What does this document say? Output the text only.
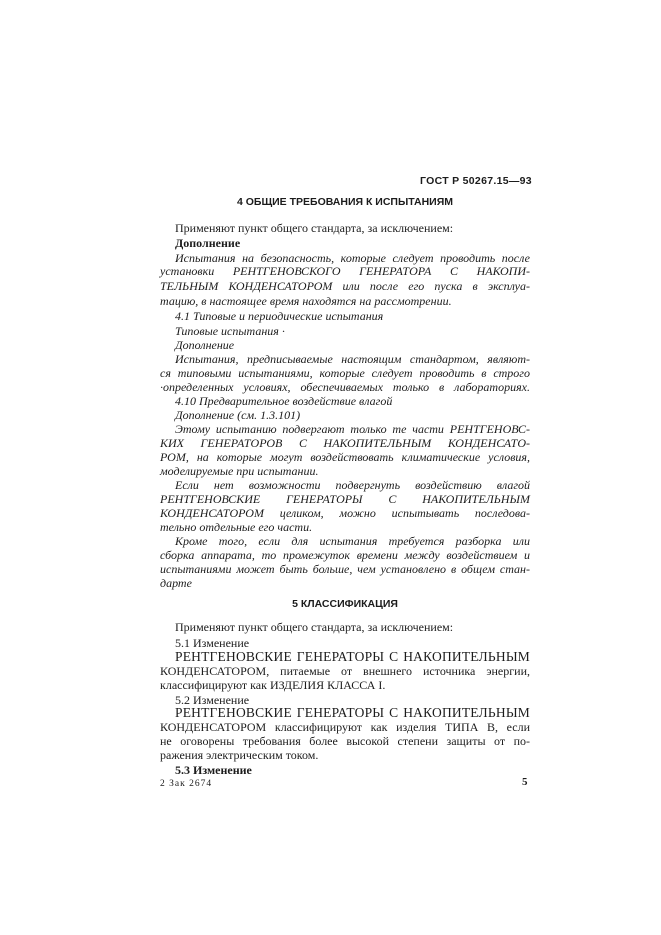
ГОСТ Р 50267.15—93
4 ОБЩИЕ ТРЕБОВАНИЯ К ИСПЫТАНИЯМ
Применяют пункт общего стандарта, за исключением:
Дополнение
Испытания на безопасность, которые следует проводить после
установки РЕНТГЕНОВСКОГО ГЕНЕРАТОРА С НАКОПИ-
ТЕЛЬНЫМ КОНДЕНСАТОРОМ или после его пуска в эксплуа-
тацию, в настоящее время находятся на рассмотрении.
4.1 Типовые и периодические испытания
Типовые испытания ·
Дополнение
Испытания, предписываемые настоящим стандартом, являют-
ся типовыми испытаниями, которые следует проводить в строго
·определенных условиях, обеспечиваемых только в лабораториях.
4.10 Предварительное воздействие влагой
Дополнение (см. 1.3.101)
Этому испытанию подвергают только те части РЕНТГЕНОВС-
КИХ ГЕНЕРАТОРОВ С НАКОПИТЕЛЬНЫМ КОНДЕНСАТО-
РОМ, на которые могут воздействовать климатические условия,
моделируемые при испытании.
Если нет возможности подвергнуть воздействию влагой
РЕНТГЕНОВСКИЕ ГЕНЕРАТОРЫ С НАКОПИТЕЛЬНЫМ
КОНДЕНСАТОРОМ целиком, можно испытывать последова-
тельно отдельные его части.
Кроме того, если для испытания требуется разборка или
сборка аппарата, то промежуток времени между воздействием и
испытаниями может быть больше, чем установлено в общем стан-
дарте
5 КЛАССИФИКАЦИЯ
Применяют пункт общего стандарта, за исключением:
5.1 Изменение
РЕНТГЕНОВСКИЕ ГЕНЕРАТОРЫ С НАКОПИТЕЛЬНЫМ
КОНДЕНСАТОРОМ, питаемые от внешнего источника энергии,
классифицируют как ИЗДЕЛИЯ КЛАССА I.
5.2 Изменение
РЕНТГЕНОВСКИЕ ГЕНЕРАТОРЫ С НАКОПИТЕЛЬНЫМ
КОНДЕНСАТОРОМ классифицируют как изделия ТИПА В, если
не оговорены требования более высокой степени защиты от по-
ражения электрическим током.
5.3 Изменение
2 Зак 2674	5
